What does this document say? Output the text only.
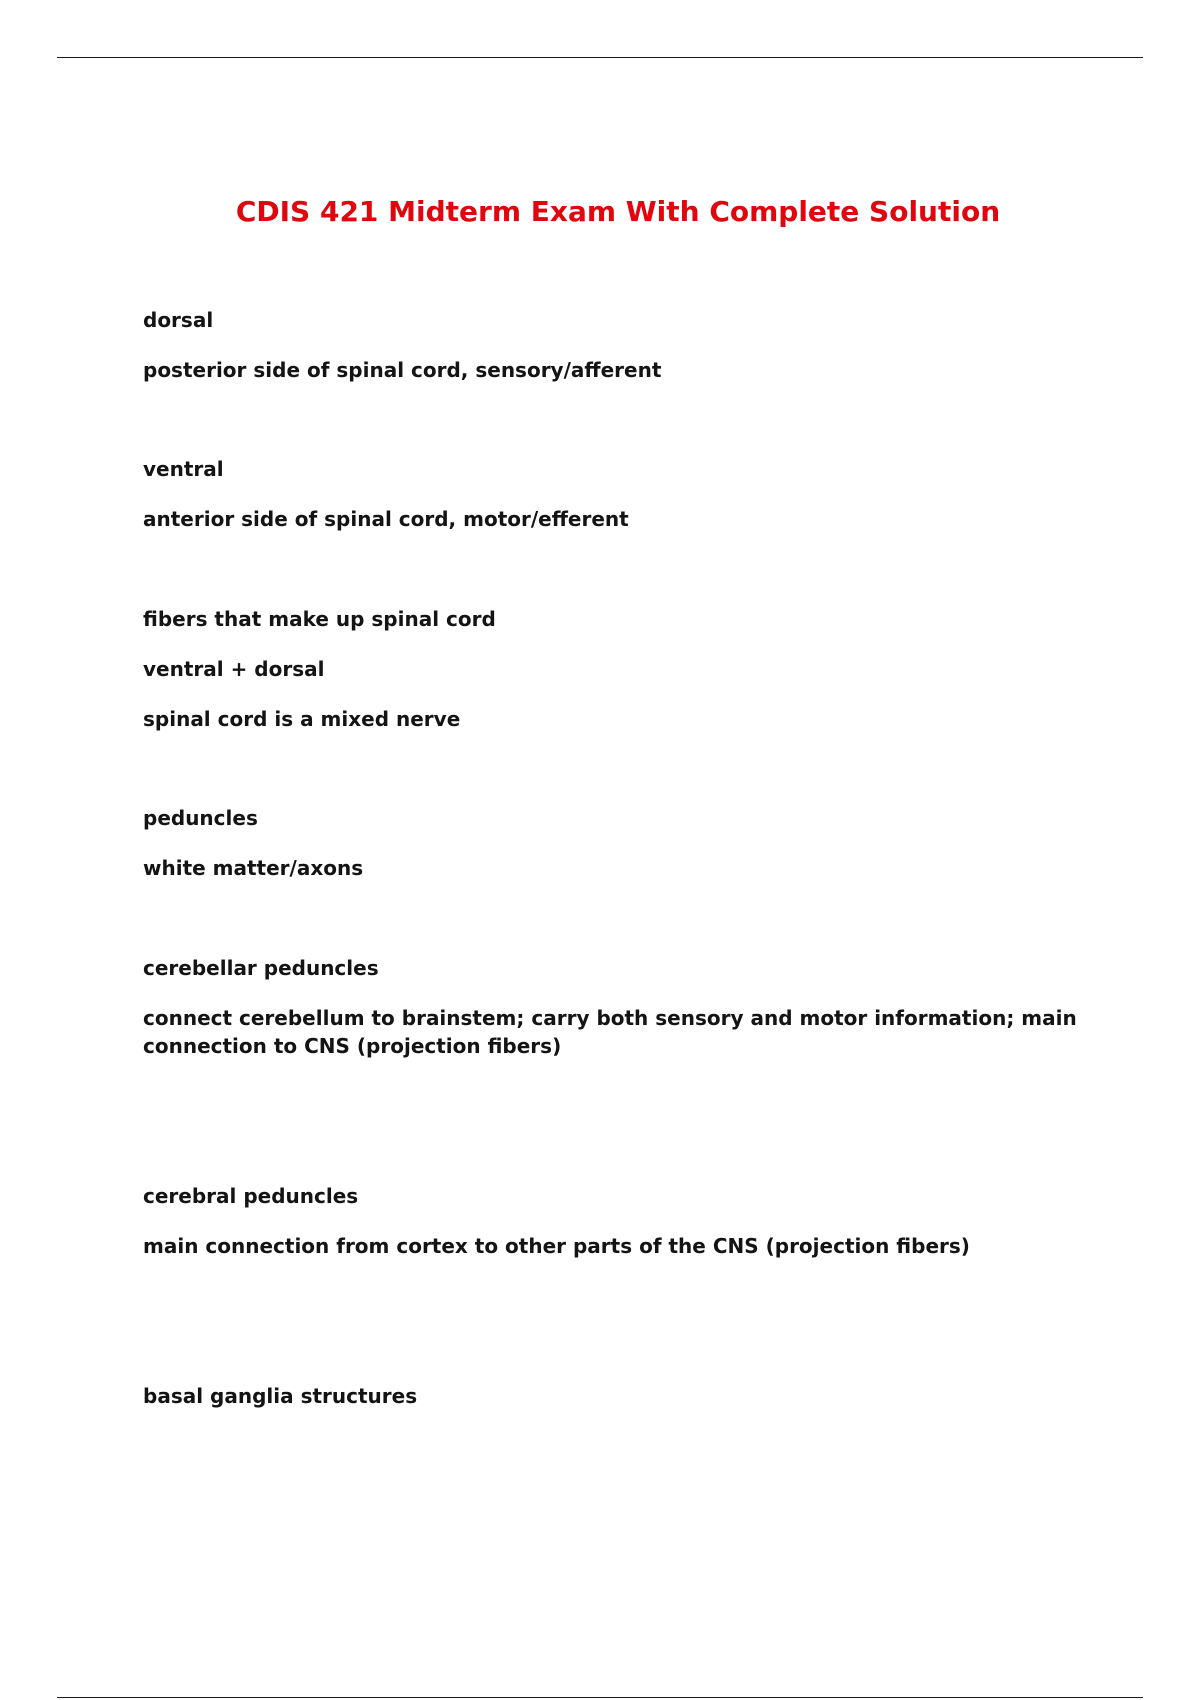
CDIS 421 Midterm Exam With Complete Solution
dorsal
posterior side of spinal cord, sensory/afferent
ventral
anterior side of spinal cord, motor/efferent
fibers that make up spinal cord
ventral + dorsal
spinal cord is a mixed nerve
peduncles
white matter/axons
cerebellar peduncles
connect cerebellum to brainstem; carry both sensory and motor information; main
connection to CNS (projection fibers)
cerebral peduncles
main connection from cortex to other parts of the CNS (projection fibers)
basal ganglia structures
